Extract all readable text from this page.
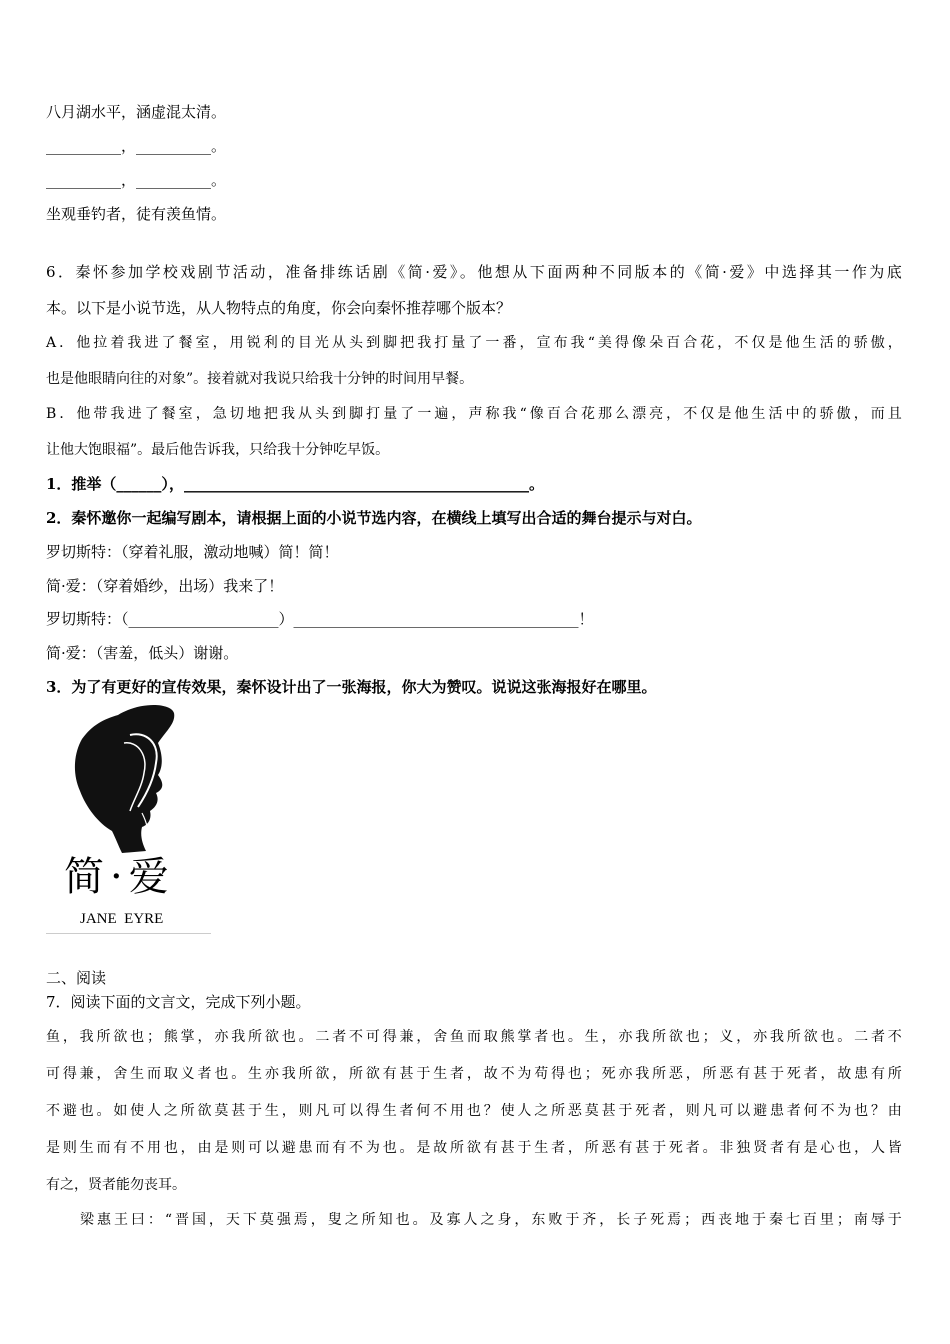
八月湖水平，涵虚混太清。
__________，__________。
__________，__________。
坐观垂钓者，徒有羡鱼情。
6．秦怀参加学校戏剧节活动，准备排练话剧《简·爱》。他想从下面两种不同版本的《简·爱》中选择其一作为底
本。以下是小说节选，从人物特点的角度，你会向秦怀推荐哪个版本？
A．他拉着我进了餐室，用锐利的目光从头到脚把我打量了一番，宣布我“美得像朵百合花，不仅是他生活的骄傲，
也是他眼睛向往的对象”。接着就对我说只给我十分钟的时间用早餐。
B．他带我进了餐室，急切地把我从头到脚打量了一遍，声称我“像百合花那么漂亮，不仅是他生活中的骄傲，而且
让他大饱眼福”。最后他告诉我，只给我十分钟吃早饭。
1．推举（______），______________________________________________。
2．秦怀邀你一起编写剧本，请根据上面的小说节选内容，在横线上填写出合适的舞台提示与对白。
罗切斯特：（穿着礼服，激动地喊）简！简！
简·爱：（穿着婚纱，出场）我来了！
罗切斯特：（____________________）______________________________________！
简·爱：（害羞，低头）谢谢。
3．为了有更好的宣传效果，秦怀设计出了一张海报，你大为赞叹。说说这张海报好在哪里。
简·爱
JANE  EYRE
二、阅读
7．阅读下面的文言文，完成下列小题。
鱼，我所欲也；熊掌，亦我所欲也。二者不可得兼，舍鱼而取熊掌者也。生，亦我所欲也；义，亦我所欲也。二者不
可得兼，舍生而取义者也。生亦我所欲，所欲有甚于生者，故不为苟得也；死亦我所恶，所恶有甚于死者，故患有所
不避也。如使人之所欲莫甚于生，则凡可以得生者何不用也？使人之所恶莫甚于死者，则凡可以避患者何不为也？由
是则生而有不用也，由是则可以避患而有不为也。是故所欲有甚于生者，所恶有甚于死者。非独贤者有是心也，人皆
有之，贤者能勿丧耳。
梁惠王曰：“晋国，天下莫强焉，叟之所知也。及寡人之身，东败于齐，长子死焉；西丧地于秦七百里；南辱于
